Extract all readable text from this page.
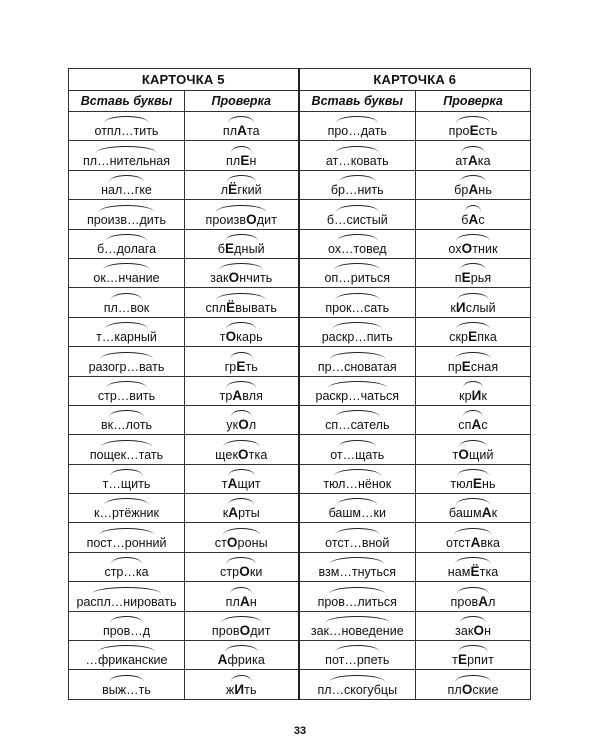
КАРТОЧКА 5		КАРТОЧКА 6	
Вставь буквы	Проверка	Вставь буквы	Проверка

отпл…тить	плАта	про…дать	проЕсть

пл…нительная	плЕн	ат…ковать	атАка

нал…гке	лЁгкий	бр…нить	брАнь

произв…дить	произвОдит	б…систый	бАс

б…долага	бЕдный	ох…товед	охОтник

ок…нчание	закОнчить	оп…риться	пЕрья

пл…вок	сплЁвывать	прок…сать	кИслый

т…карный	тОкарь	раскр…пить	скрЕпка

разогр…вать	грЕть	пр…сноватая	прЕсная

стр…вить	трАвля	раскр…чаться	крИк

вк…лоть	укОл	сп…сатель	спАс

пощек…тать	щекОтка	от…щать	тОщий

т…щить	тАщит	тюл…нёнок	тюлЕнь

к…ртёжник	кАрты	башм…ки	башмАк

пост…ронний	стОроны	отст…вной	отстАвка

стр…ка	стрОки	взм…тнуться	намЁтка

распл…нировать	плАн	пров…литься	провАл

пров…д	провОдит	зак…новедение	закОн

…фриканские	Африка	пот…рпеть	тЕрпит

выж…ть	жИть	пл…скогубцы	плОские
33
